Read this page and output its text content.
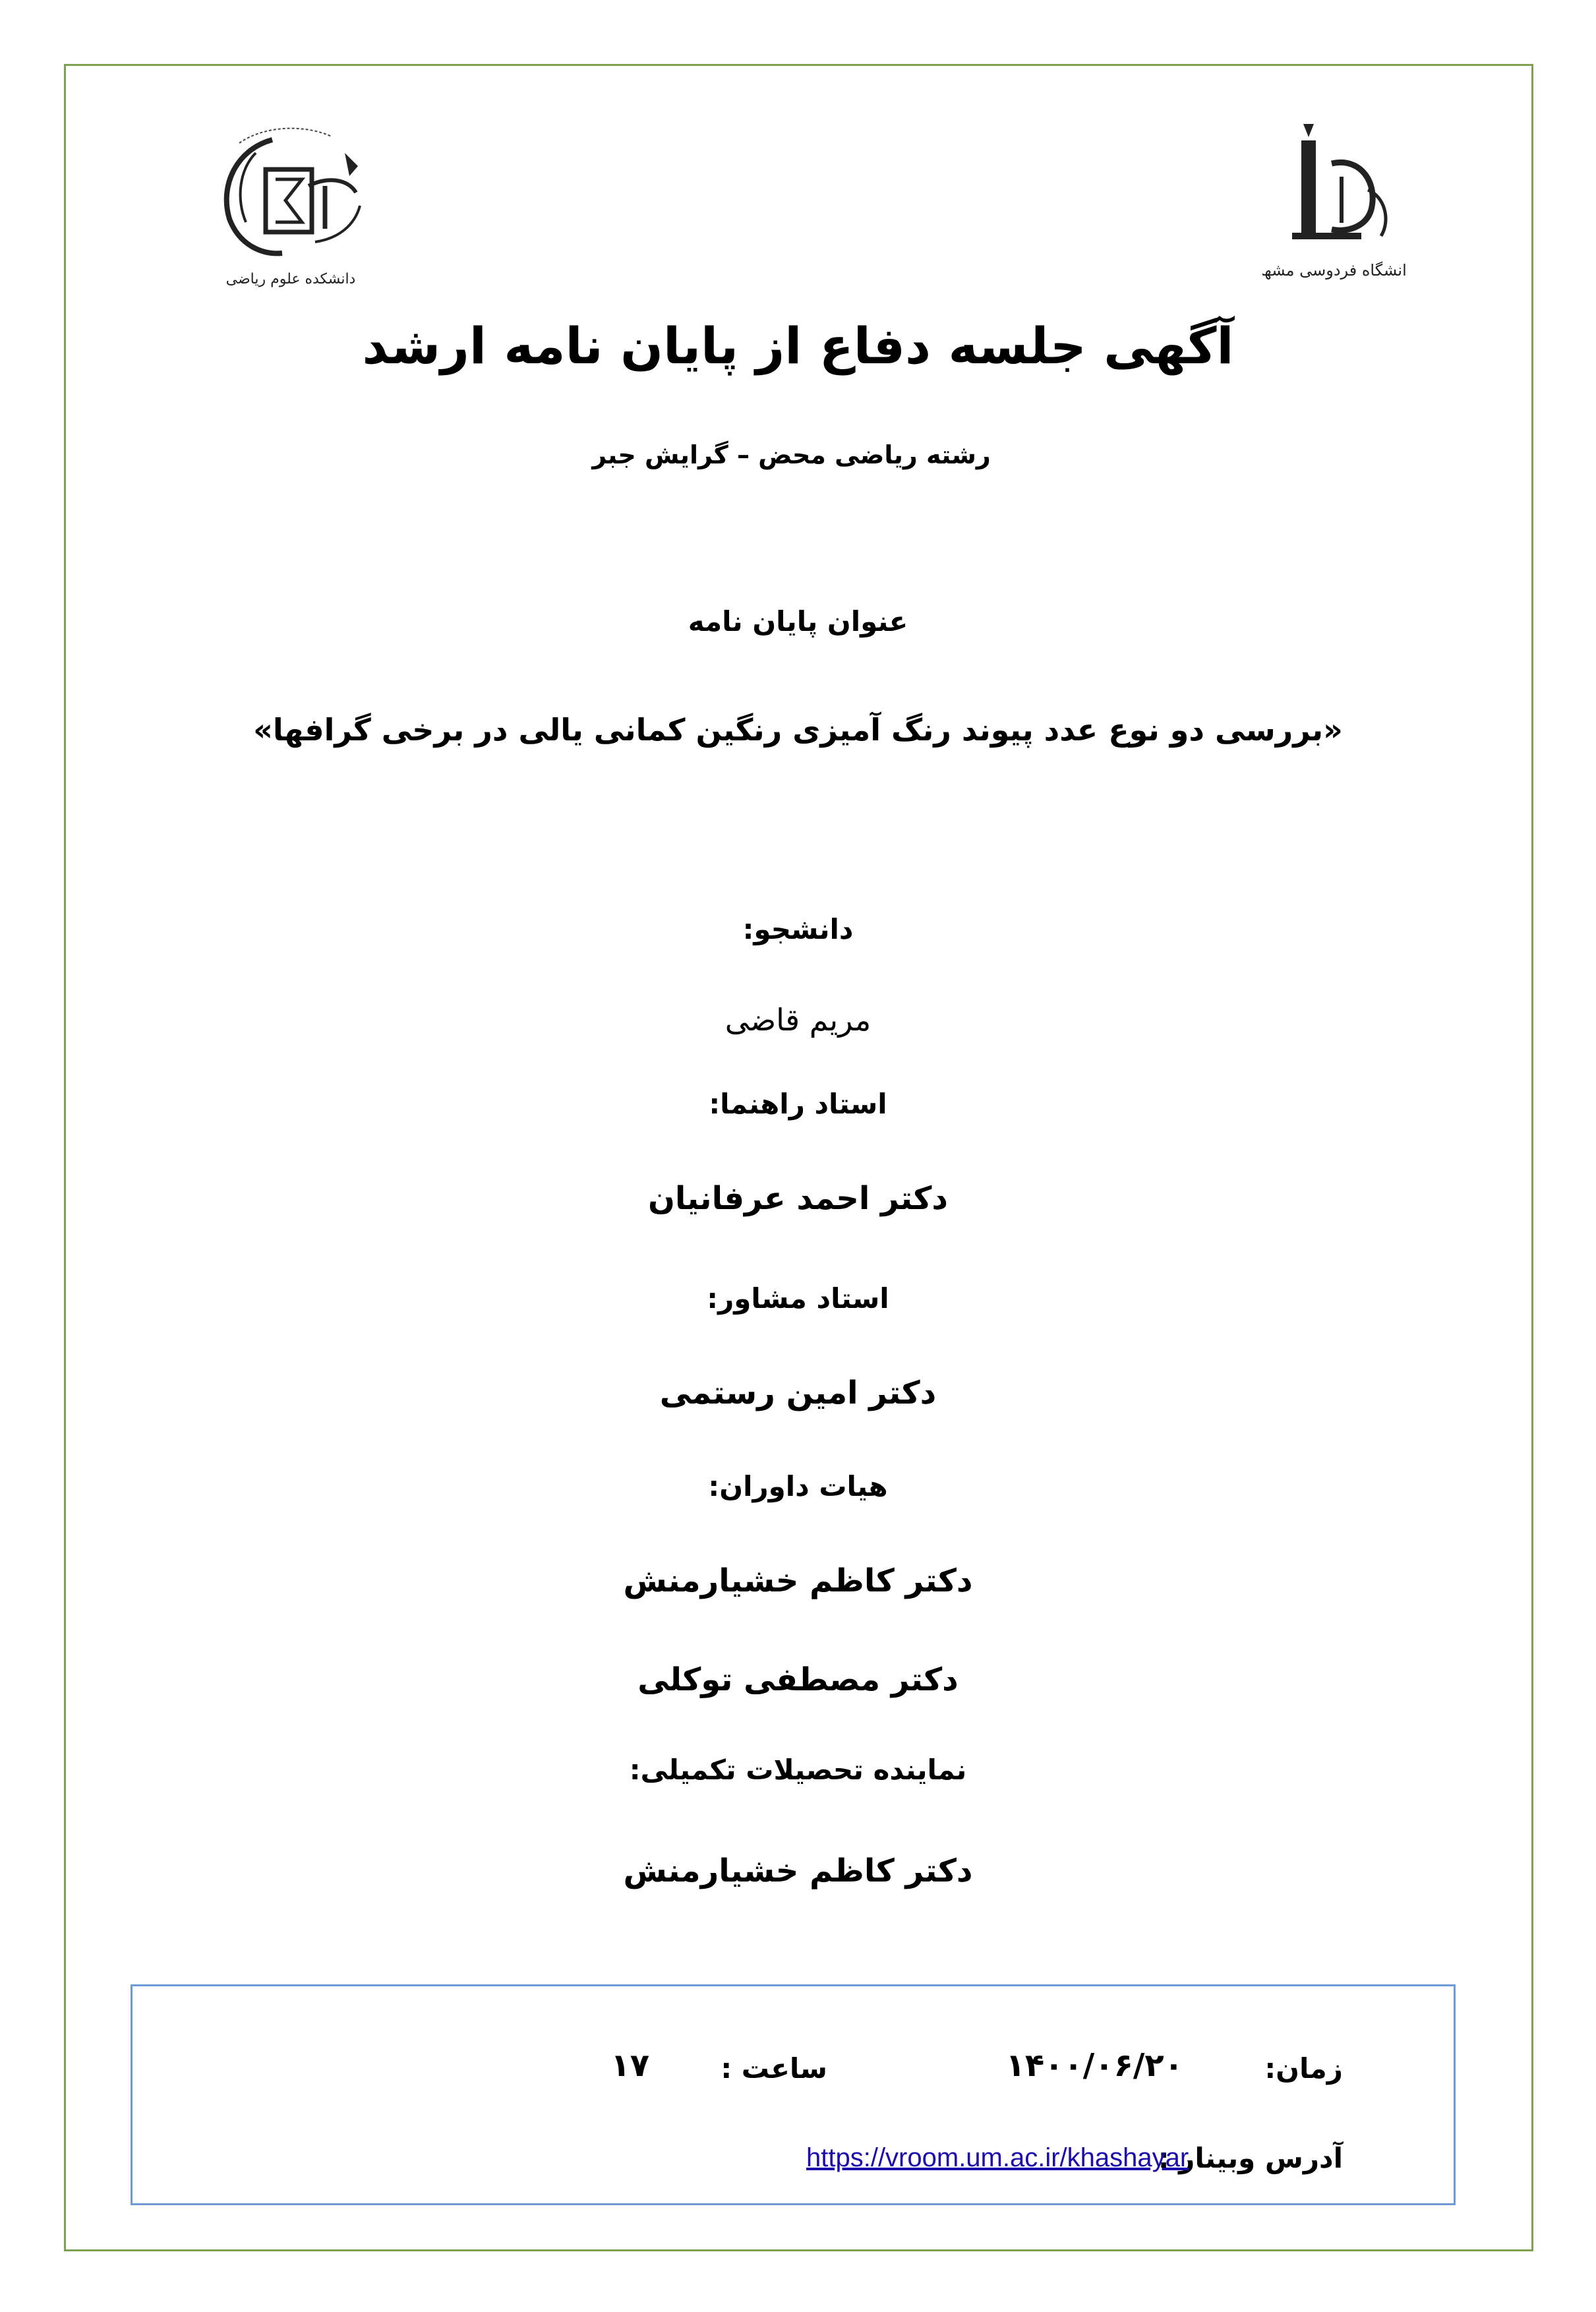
دانشکده علوم ریاضی	دانشگاه فردوسی مشهد
آگهی جلسه دفاع از پایان نامه ارشد
رشته ریاضی محض – گرایش جبر
عنوان پایان نامه
«بررسی دو نوع عدد پیوند رنگ آمیزی رنگین کمانی یالی در برخی گرافها»
دانشجو:
مریم قاضی
استاد راهنما:
دکتر احمد عرفانیان
استاد مشاور:
دکتر امین رستمی
هیات داوران:
دکتر کاظم خشیارمنش
دکتر مصطفی توکلی
نماینده تحصیلات تکمیلی:
دکتر کاظم خشیارمنش
زمان:
۱۴۰۰/۰۶/۲۰
ساعت :
۱۷
آدرس وبینار :
https://vroom.um.ac.ir/khashayar
